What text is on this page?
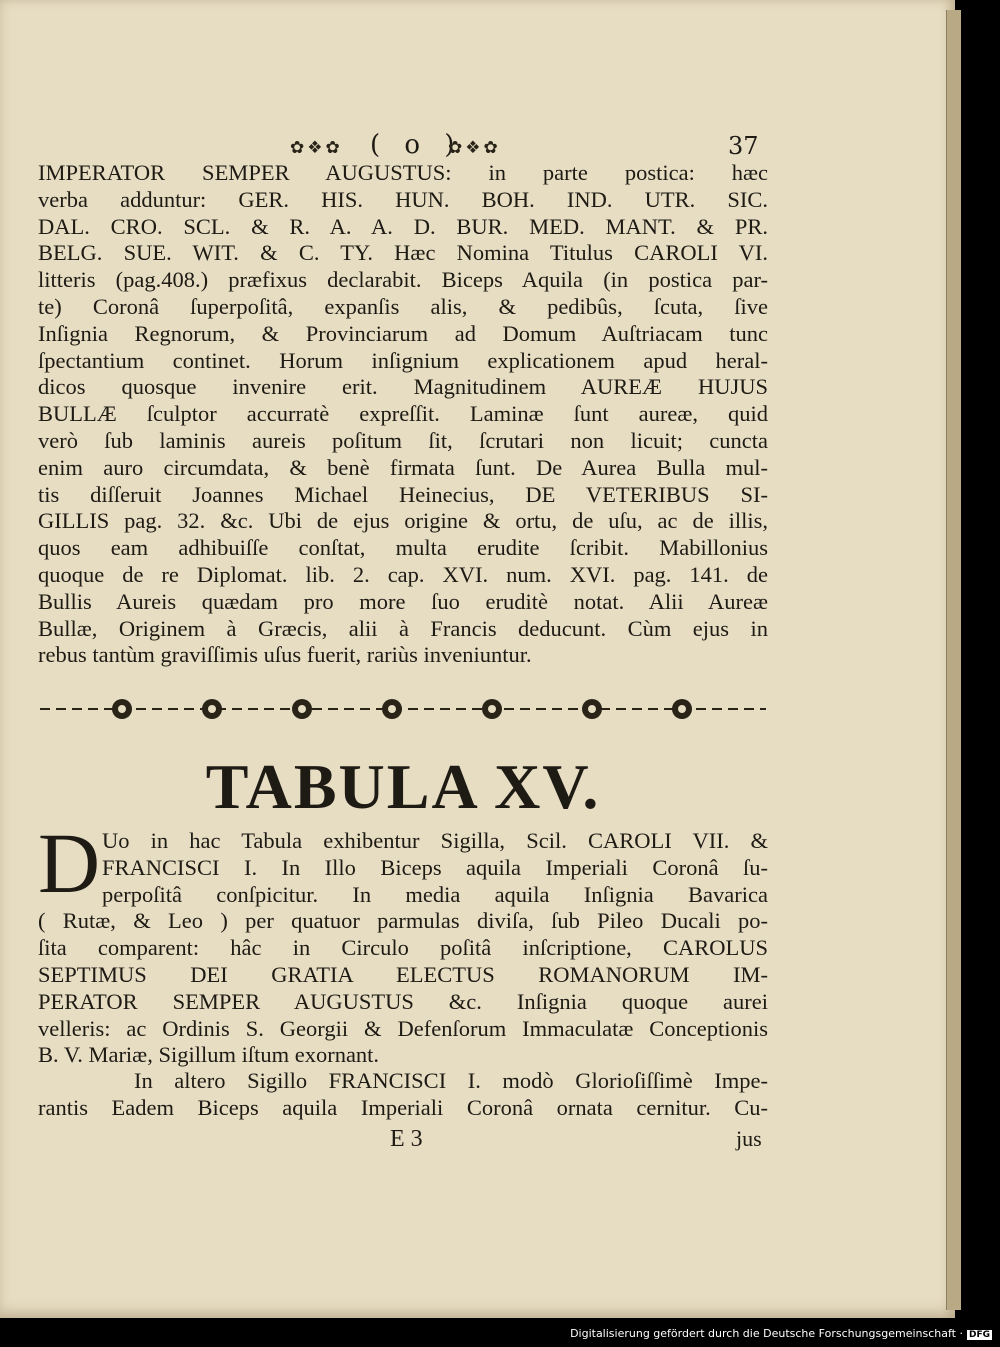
✿❖✿ ( o )
✿❖✿	37
IMPERATOR SEMPER AUGUSTUS: in parte postica: hæc
verba adduntur: GER. HIS. HUN. BOH. IND. UTR. SIC.
DAL. CRO. SCL. & R. A. A. D. BUR. MED. MANT. & PR.
BELG. SUE. WIT. & C. TY. Hæc Nomina Titulus CAROLI VI.
litteris (pag.408.) præfixus declarabit. Biceps Aquila (in postica par-
te) Coronâ ſuperpoſitâ, expanſis alis, & pedibûs, ſcuta, ſive
Inſignia Regnorum, & Provinciarum ad Domum Auſtriacam tunc
ſpectantium continet. Horum inſignium explicationem apud heral-
dicos quosque invenire erit. Magnitudinem AUREÆ HUJUS
BULLÆ ſculptor accurratè expreſſit. Laminæ ſunt aureæ, quid
verò ſub laminis aureis poſitum ſit, ſcrutari non licuit; cuncta
enim auro circumdata, & benè firmata ſunt. De Aurea Bulla mul-
tis diſſeruit Joannes Michael Heinecius, DE VETERIBUS SI-
GILLIS pag. 32. &c. Ubi de ejus origine & ortu, de uſu, ac de illis,
quos eam adhibuiſſe conſtat, multa erudite ſcribit. Mabillonius
quoque de re Diplomat. lib. 2. cap. XVI. num. XVI. pag. 141. de
Bullis Aureis quædam pro more ſuo eruditè notat. Alii Aureæ
Bullæ, Originem à Græcis, alii à Francis deducunt. Cùm ejus in
rebus tantùm graviſſimis uſus fuerit, rariùs inveniuntur.
TABULA XV.
D Uo in hac Tabula exhibentur Sigilla, Scil. CAROLI VII. &
FRANCISCI I. In Illo Biceps aquila Imperiali Coronâ ſu-
perpoſitâ conſpicitur. In media aquila Inſignia Bavarica
( Rutæ, & Leo ) per quatuor parmulas diviſa, ſub Pileo Ducali po-
ſita comparent: hâc in Circulo poſitâ inſcriptione, CAROLUS
SEPTIMUS DEI GRATIA ELECTUS ROMANORUM IM-
PERATOR SEMPER AUGUSTUS &c. Inſignia quoque aurei
velleris: ac Ordinis S. Georgii & Defenſorum Immaculatæ Conceptionis
B. V. Mariæ, Sigillum iſtum exornant.
In altero Sigillo FRANCISCI I. modò Glorioſiſſimè Impe-
rantis Eadem Biceps aquila Imperiali Coronâ ornata cernitur. Cu-
E 3	jus
Digitalisierung gefördert durch die Deutsche Forschungsgemeinschaft · DFG
